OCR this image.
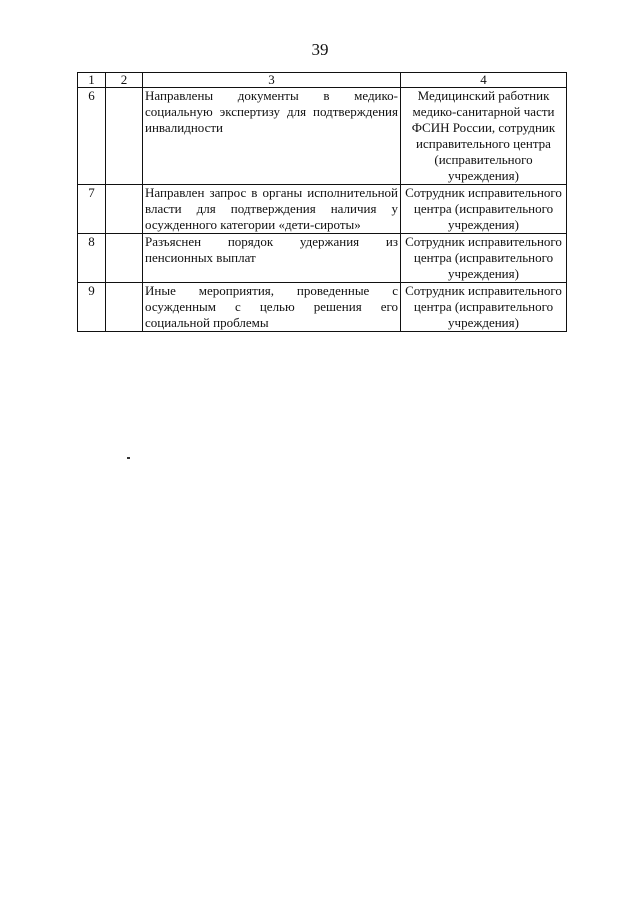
39
1	2	3	4
6		Направлены документы в медико-социальную экспертизу для подтверждения инвалидности	Медицинский работник медико-санитарной части ФСИН России, сотрудник исправительного центра (исправительного учреждения)
7		Направлен запрос в органы исполнительной власти для подтверждения наличия у осужденного категории «дети-сироты»	Сотрудник исправительного центра (исправительного учреждения)
8		Разъяснен порядок удержания из пенсионных выплат	Сотрудник исправительного центра (исправительного учреждения)
9		Иные мероприятия, проведенные с осужденным с целью решения его социальной проблемы	Сотрудник исправительного центра (исправительного учреждения)
